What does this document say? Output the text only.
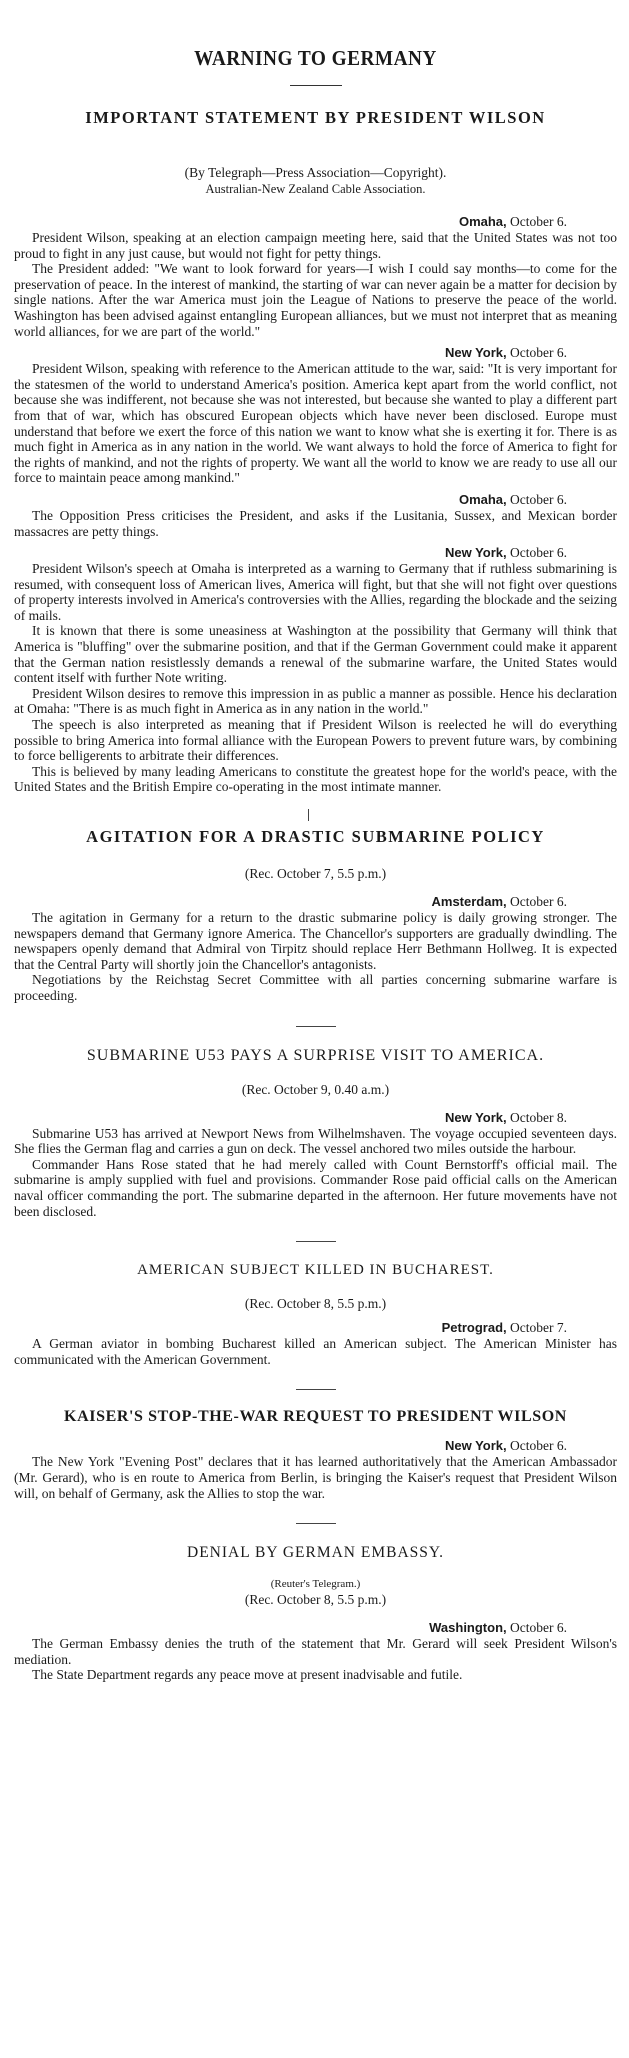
WARNING TO GERMANY
IMPORTANT STATEMENT BY PRESIDENT WILSON
(By Telegraph—Press Association—Copyright).
Australian-New Zealand Cable Association.
Omaha, October 6.

President Wilson, speaking at an election campaign meeting here, said that the United States was not too proud to fight in any just cause, but would not fight for petty things.

The President added: "We want to look forward for years—I wish I could say months—to come for the preservation of peace. In the interest of mankind, the starting of war can never again be a matter for decision by single nations. After the war America must join the League of Nations to preserve the peace of the world. Washington has been advised against entangling European alliances, but we must not interpret that as meaning world alliances, for we are part of the world."

New York, October 6.

President Wilson, speaking with reference to the American attitude to the war, said: "It is very important for the statesmen of the world to understand America's position. America kept apart from the world conflict, not because she was indifferent, not because she was not interested, but because she wanted to play a different part from that of war, which has obscured European objects which have never been disclosed. Europe must understand that before we exert the force of this nation we want to know what she is exerting it for. There is as much fight in America as in any nation in the world. We want always to hold the force of America to fight for the rights of mankind, and not the rights of property. We want all the world to know we are ready to use all our force to maintain peace among mankind."

Omaha, October 6.

The Opposition Press criticises the President, and asks if the Lusitania, Sussex, and Mexican border massacres are petty things.

New York, October 6.

President Wilson's speech at Omaha is interpreted as a warning to Germany that if ruthless submarining is resumed, with consequent loss of American lives, America will fight, but that she will not fight over questions of property interests involved in America's controversies with the Allies, regarding the blockade and the seizing of mails.

It is known that there is some uneasiness at Washington at the possibility that Germany will think that America is "bluffing" over the submarine position, and that if the German Government could make it apparent that the German nation resistlessly demands a renewal of the submarine warfare, the United States would content itself with further Note writing.

President Wilson desires to remove this impression in as public a manner as possible. Hence his declaration at Omaha: "There is as much fight in America as in any nation in the world."

The speech is also interpreted as meaning that if President Wilson is reelected he will do everything possible to bring America into formal alliance with the European Powers to prevent future wars, by combining to force belligerents to arbitrate their differences.

This is believed by many leading Americans to constitute the greatest hope for the world's peace, with the United States and the British Empire co-operating in the most intimate manner.

AGITATION FOR A DRASTIC SUBMARINE POLICY
(Rec. October 7, 5.5 p.m.)
Amsterdam, October 6.

The agitation in Germany for a return to the drastic submarine policy is daily growing stronger. The newspapers demand that Germany ignore America. The Chancellor's supporters are gradually dwindling. The newspapers openly demand that Admiral von Tirpitz should replace Herr Bethmann Hollweg. It is expected that the Central Party will shortly join the Chancellor's antagonists.

Negotiations by the Reichstag Secret Committee with all parties concerning submarine warfare is proceeding.

SUBMARINE U53 PAYS A SURPRISE VISIT TO AMERICA.
(Rec. October 9, 0.40 a.m.)
New York, October 8.

Submarine U53 has arrived at Newport News from Wilhelmshaven. The voyage occupied seventeen days. She flies the German flag and carries a gun on deck. The vessel anchored two miles outside the harbour.

Commander Hans Rose stated that he had merely called with Count Bernstorff's official mail. The submarine is amply supplied with fuel and provisions. Commander Rose paid official calls on the American naval officer commanding the port. The submarine departed in the afternoon. Her future movements have not been disclosed.

AMERICAN SUBJECT KILLED IN BUCHAREST.
(Rec. October 8, 5.5 p.m.)
Petrograd, October 7.

A German aviator in bombing Bucharest killed an American subject. The American Minister has communicated with the American Government.

KAISER'S STOP-THE-WAR REQUEST TO PRESIDENT WILSON
New York, October 6.

The New York "Evening Post" declares that it has learned authoritatively that the American Ambassador (Mr. Gerard), who is en route to America from Berlin, is bringing the Kaiser's request that President Wilson will, on behalf of Germany, ask the Allies to stop the war.

DENIAL BY GERMAN EMBASSY.
(Reuter's Telegram.)
(Rec. October 8, 5.5 p.m.)
Washington, October 6.

The German Embassy denies the truth of the statement that Mr. Gerard will seek President Wilson's mediation.

The State Department regards any peace move at present inadvisable and futile.
